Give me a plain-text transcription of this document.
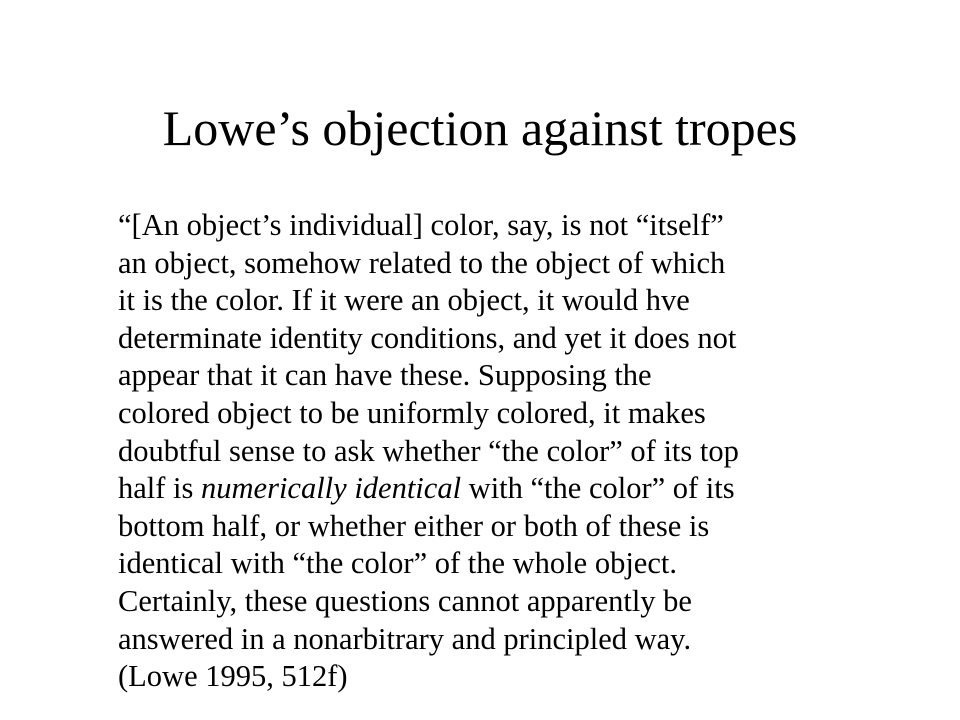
Lowe’s objection against tropes
“[An object’s individual] color, say, is not “itself”
an object, somehow related to the object of which
it is the color. If it were an object, it would hve
determinate identity conditions, and yet it does not
appear that it can have these. Supposing the
colored object to be uniformly colored, it makes
doubtful sense to ask whether “the color” of its top
half is numerically identical with “the color” of its
bottom half, or whether either or both of these is
identical with “the color” of the whole object.
Certainly, these questions cannot apparently be
answered in a nonarbitrary and principled way.
(Lowe 1995, 512f)
